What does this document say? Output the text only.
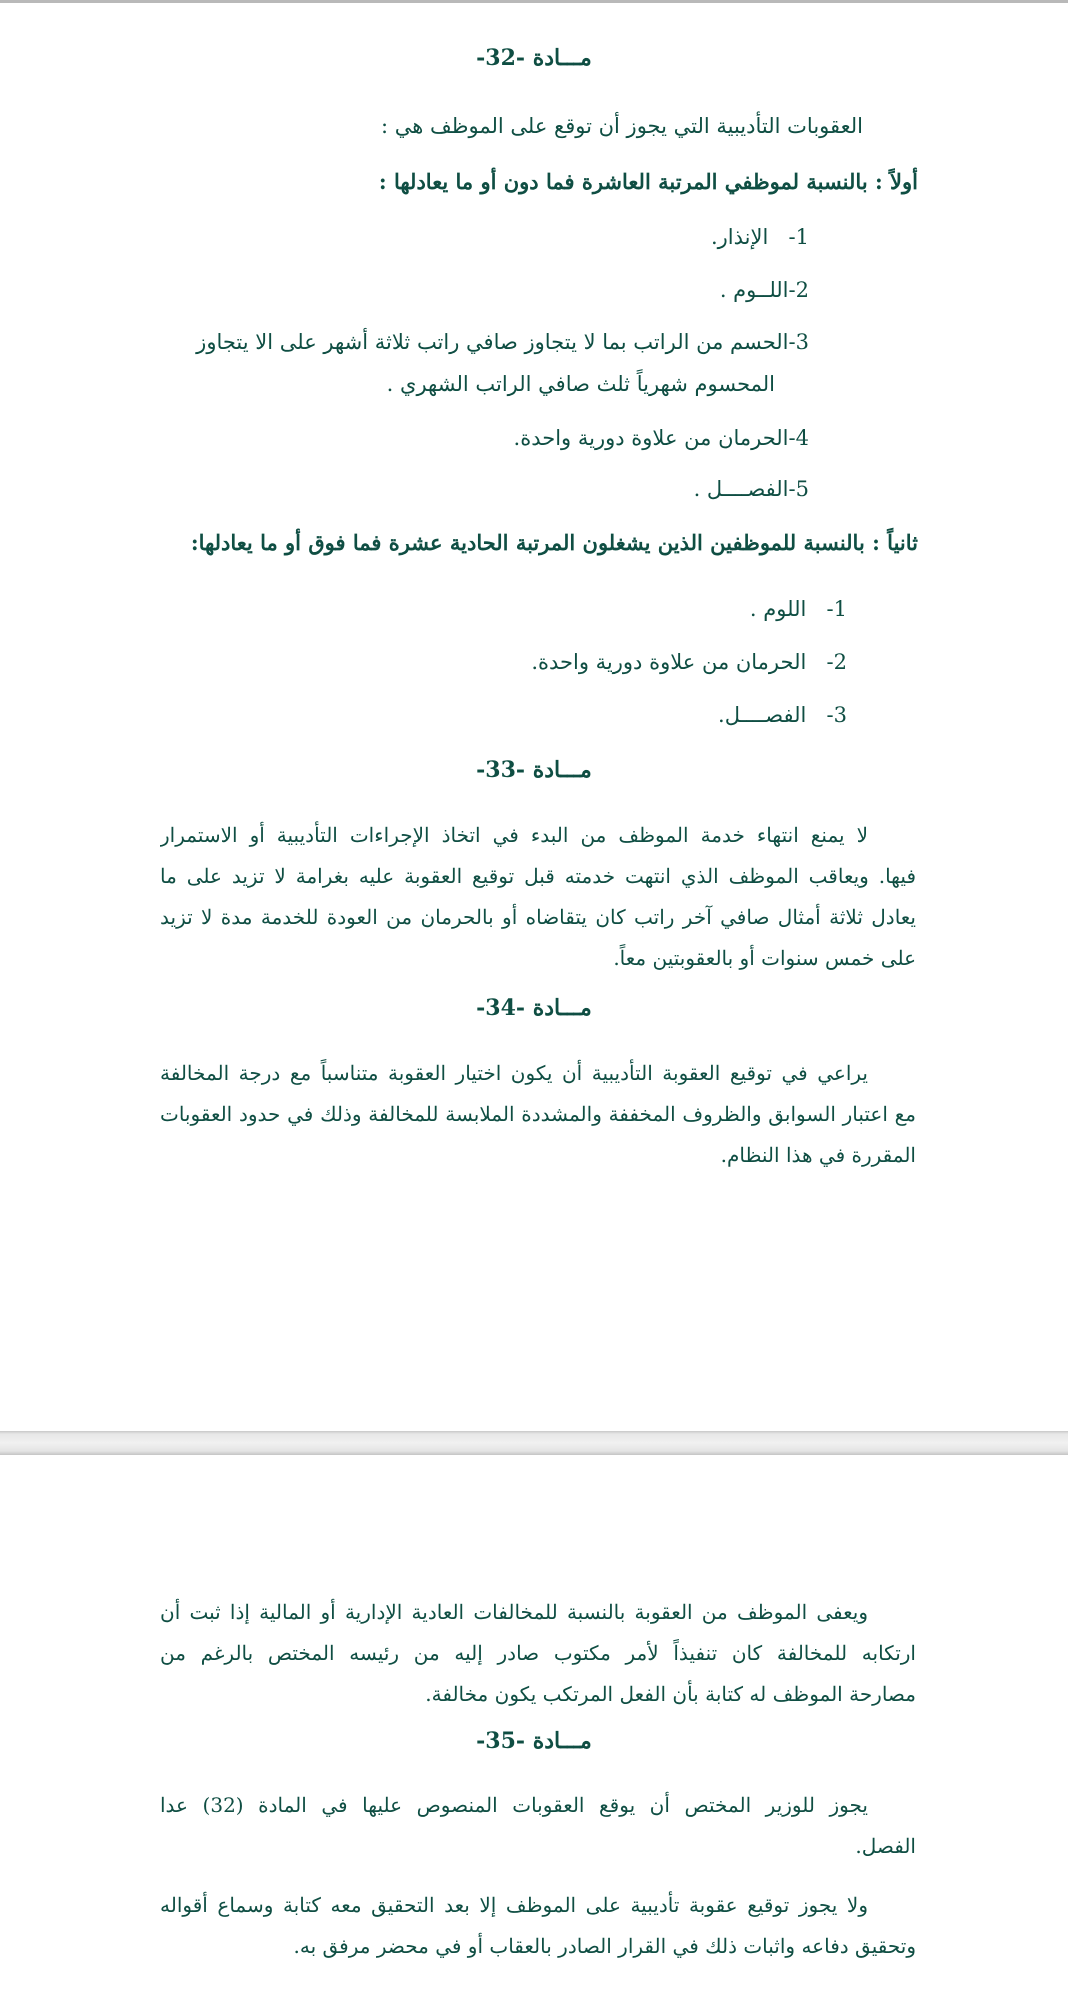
مـــادة -32-

العقوبات التأديبية التي يجوز أن توقع على الموظف هي :

أولاً : بالنسبة لموظفي المرتبة العاشرة فما دون أو ما يعادلها :

1- الإنذار.

2-اللــوم .

3-الحسم من الراتب بما لا يتجاوز صافي راتب ثلاثة أشهر على الا يتجاوز

المحسوم شهرياً ثلث صافي الراتب الشهري .

4-الحرمان من علاوة دورية واحدة.

5-الفصــــل .

ثانياً : بالنسبة للموظفين الذين يشغلون المرتبة الحادية عشرة فما فوق أو ما يعادلها:

1- اللوم .

2- الحرمان من علاوة دورية واحدة.

3- الفصــــل.

مـــادة -33-

لا يمنع انتهاء خدمة الموظف من البدء في اتخاذ الإجراءات التأديبية أو الاستمرار
فيها. ويعاقب الموظف الذي انتهت خدمته قبل توقيع العقوبة عليه بغرامة لا تزيد على ما
يعادل ثلاثة أمثال صافي آخر راتب كان يتقاضاه أو بالحرمان من العودة للخدمة مدة لا تزيد
على خمس سنوات أو بالعقوبتين معاً.

مـــادة -34-

يراعي في توقيع العقوبة التأديبية أن يكون اختيار العقوبة متناسباً مع درجة المخالفة
مع اعتبار السوابق والظروف المخففة والمشددة الملابسة للمخالفة وذلك في حدود العقوبات
المقررة في هذا النظام.
ويعفى الموظف من العقوبة بالنسبة للمخالفات العادية الإدارية أو المالية إذا ثبت أن
ارتكابه للمخالفة كان تنفيذاً لأمر مكتوب صادر إليه من رئيسه المختص بالرغم من
مصارحة الموظف له كتابة بأن الفعل المرتكب يكون مخالفة.

مـــادة -35-

يجوز للوزير المختص أن يوقع العقوبات المنصوص عليها في المادة (32) عدا
الفصل.
ولا يجوز توقيع عقوبة تأديبية على الموظف إلا بعد التحقيق معه كتابة وسماع أقواله
وتحقيق دفاعه واثبات ذلك في القرار الصادر بالعقاب أو في محضر مرفق به.
